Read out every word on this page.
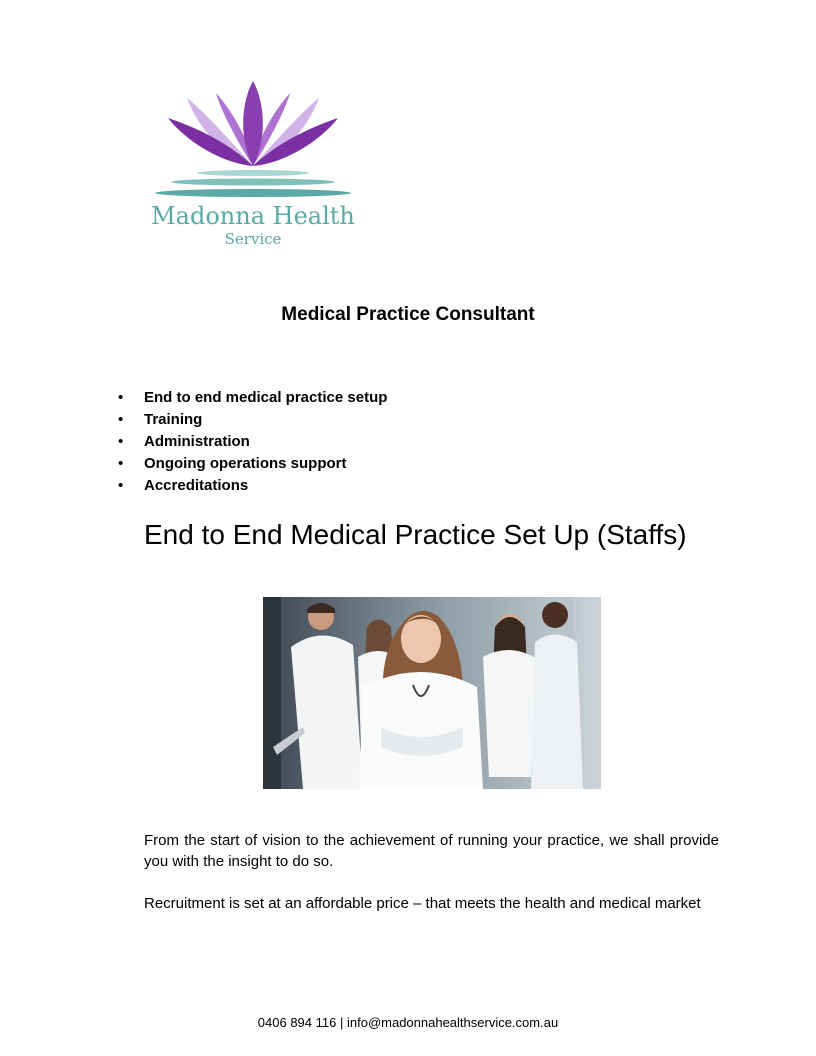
Madonna Health
Service
Medical Practice Consultant
• End to end medical practice setup
• Training
• Administration
• Ongoing operations support
• Accreditations
End to End Medical Practice Set Up (Staffs)

From the start of vision to the achievement of running your practice, we shall provide you with the insight to do so.

Recruitment is set at an affordable price – that meets the health and medical market

0406 894 116 | info@madonnahealthservice.com.au
